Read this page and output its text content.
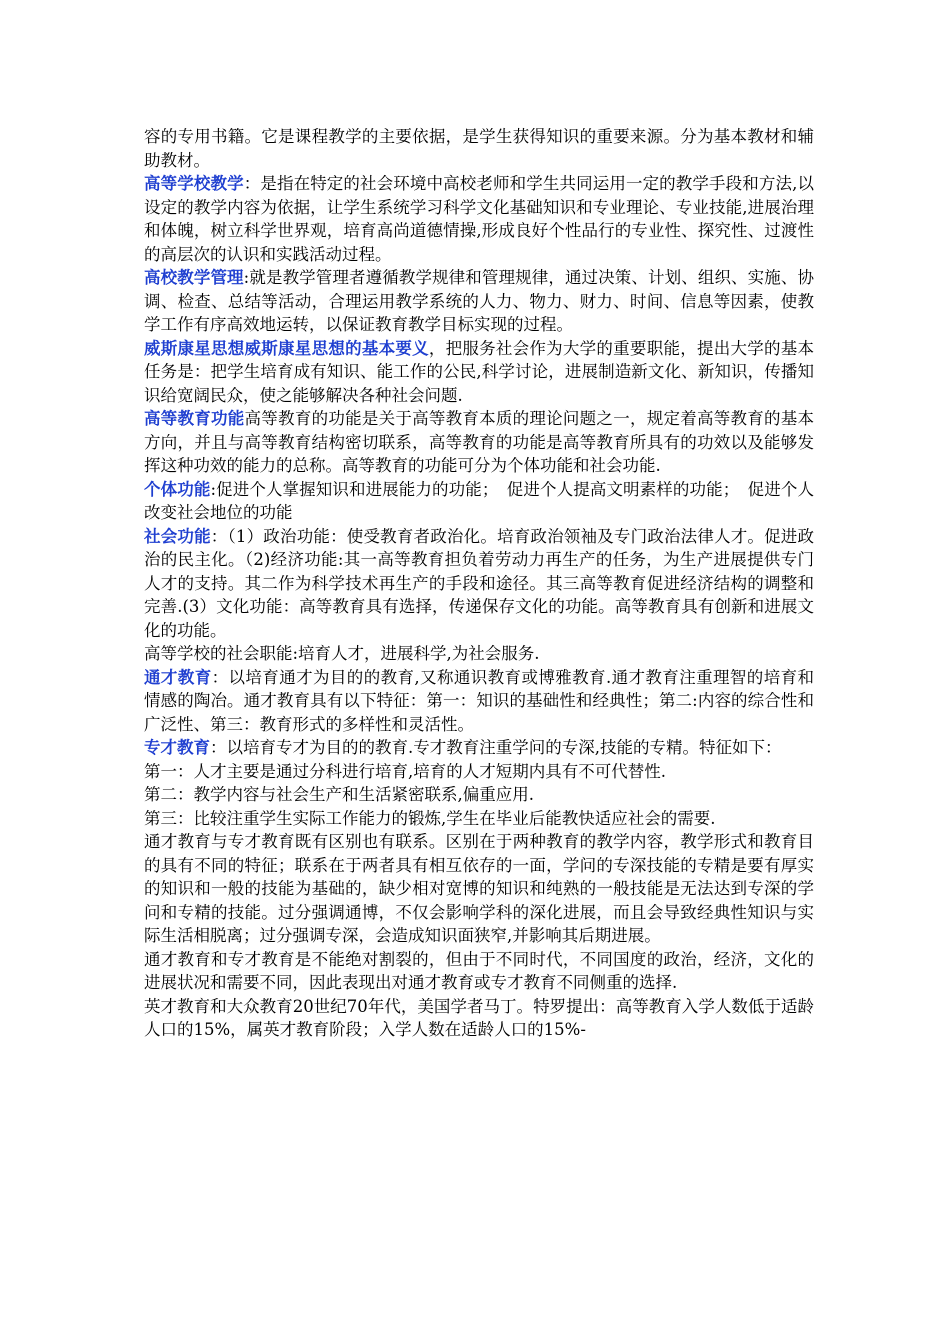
容的专用书籍。它是课程教学的主要依据，是学生获得知识的重要来源。分为基本教材和辅助教材。

高等学校教学：是指在特定的社会环境中高校老师和学生共同运用一定的教学手段和方法,以设定的教学内容为依据，让学生系统学习科学文化基础知识和专业理论、专业技能,进展治理和体魄，树立科学世界观，培育高尚道德情操,形成良好个性品行的专业性、探究性、过渡性的高层次的认识和实践活动过程。

高校教学管理:就是教学管理者遵循教学规律和管理规律，通过决策、计划、组织、实施、协调、检查、总结等活动，合理运用教学系统的人力、物力、财力、时间、信息等因素，使教学工作有序高效地运转，以保证教育教学目标实现的过程。

威斯康星思想威斯康星思想的基本要义，把服务社会作为大学的重要职能，提出大学的基本任务是：把学生培育成有知识、能工作的公民,科学讨论，进展制造新文化、新知识，传播知识给宽阔民众，使之能够解决各种社会问题.

高等教育功能高等教育的功能是关于高等教育本质的理论问题之一，规定着高等教育的基本方向，并且与高等教育结构密切联系，高等教育的功能是高等教育所具有的功效以及能够发挥这种功效的能力的总称。高等教育的功能可分为个体功能和社会功能.

个体功能:促进个人掌握知识和进展能力的功能；　促进个人提高文明素样的功能；　促进个人改变社会地位的功能

社会功能：（1）政治功能：使受教育者政治化。培育政治领袖及专门政治法律人才。促进政治的民主化。（2)经济功能:其一高等教育担负着劳动力再生产的任务，为生产进展提供专门人才的支持。其二作为科学技术再生产的手段和途径。其三高等教育促进经济结构的调整和完善.(3）文化功能：高等教育具有选择，传递保存文化的功能。高等教育具有创新和进展文化的功能。

高等学校的社会职能:培育人才，进展科学,为社会服务.

通才教育：以培育通才为目的的教育,又称通识教育或博雅教育.通才教育注重理智的培育和情感的陶冶。通才教育具有以下特征：第一：知识的基础性和经典性；第二:内容的综合性和广泛性、第三：教育形式的多样性和灵活性。

专才教育：以培育专才为目的的教育.专才教育注重学问的专深,技能的专精。特征如下：

第一：人才主要是通过分科进行培育,培育的人才短期内具有不可代替性.

第二：教学内容与社会生产和生活紧密联系,偏重应用.

第三：比较注重学生实际工作能力的锻炼,学生在毕业后能教快适应社会的需要.

通才教育与专才教育既有区别也有联系。区别在于两种教育的教学内容，教学形式和教育目的具有不同的特征；联系在于两者具有相互依存的一面，学问的专深技能的专精是要有厚实的知识和一般的技能为基础的，缺少相对宽博的知识和纯熟的一般技能是无法达到专深的学问和专精的技能。过分强调通博，不仅会影响学科的深化进展，而且会导致经典性知识与实际生活相脱离；过分强调专深，会造成知识面狭窄,并影响其后期进展。

通才教育和专才教育是不能绝对割裂的，但由于不同时代，不同国度的政治，经济，文化的进展状况和需要不同，因此表现出对通才教育或专才教育不同侧重的选择.

英才教育和大众教育20世纪70年代，美国学者马丁。特罗提出：高等教育入学人数低于适龄人口的15%，属英才教育阶段；入学人数在适龄人口的15%-
